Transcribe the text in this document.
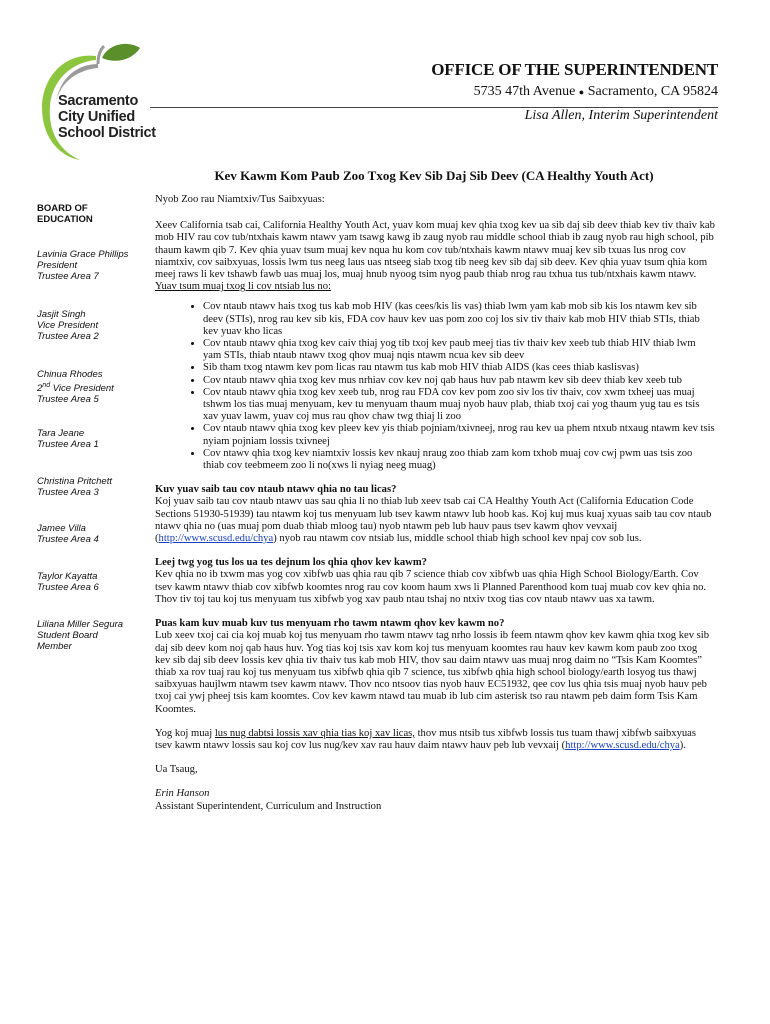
Sacramento
City Unified
School District
OFFICE OF THE SUPERINTENDENT
5735 47th Avenue ● Sacramento, CA 95824
Lisa Allen, Interim Superintendent
Kev Kawm Kom Paub Zoo Txog Kev Sib Daj Sib Deev (CA Healthy Youth Act)
BOARD OF
EDUCATION
Lavinia Grace Phillips
President
Trustee Area 7
Jasjit Singh
Vice President
Trustee Area 2
Chinua Rhodes
2nd Vice President
Trustee Area 5
Tara Jeane
Trustee Area 1
Christina Pritchett
Trustee Area 3
Jamee Villa
Trustee Area 4
Taylor Kayatta
Trustee Area 6
Liliana Miller Segura
Student Board
Member

Nyob Zoo rau Niamtxiv/Tus Saibxyuas:

Xeev California tsab cai, California Healthy Youth Act, yuav kom muaj kev qhia txog kev ua sib daj sib deev thiab kev tiv thaiv kab mob HIV rau cov tub/ntxhais kawm ntawv yam tsawg kawg ib zaug nyob rau middle school thiab ib zaug nyob rau high school, pib thaum kawm qib 7. Kev qhia yuav tsum muaj kev nqua hu kom cov tub/ntxhais kawm ntawv muaj kev sib txuas lus nrog cov niamtxiv, cov saibxyuas, lossis lwm tus neeg laus uas ntseeg siab txog tib neeg kev sib daj sib deev. Kev qhia yuav tsum qhia kom meej raws li kev tshawb fawb uas muaj los, muaj hnub nyoog tsim nyog paub thiab nrog rau txhua tus tub/ntxhais kawm ntawv. Yuav tsum muaj txog li cov ntsiab lus no:

• Cov ntaub ntawv hais txog tus kab mob HIV (kas cees/kis lis vas) thiab lwm yam kab mob sib kis los ntawm kev sib deev (STIs), nrog rau kev sib kis, FDA cov hauv kev uas pom zoo coj los siv tiv thaiv kab mob HIV thiab STIs, thiab kev yuav kho licas
• Cov ntaub ntawv qhia txog kev caiv thiaj yog tib txoj kev paub meej tias tiv thaiv kev xeeb tub thiab HIV thiab lwm yam STIs, thiab ntaub ntawv txog qhov muaj nqis ntawm ncua kev sib deev
• Sib tham txog ntawm kev pom licas rau ntawm tus kab mob HIV thiab AIDS (kas cees thiab kaslisvas)
• Cov ntaub ntawv qhia txog kev mus nrhiav cov kev noj qab haus huv pab ntawm kev sib deev thiab kev xeeb tub
• Cov ntaub ntawv qhia txog kev xeeb tub, nrog rau FDA cov kev pom zoo siv los tiv thaiv, cov xwm txheej uas muaj tshwm los tias muaj menyuam, kev tu menyuam thaum muaj nyob hauv plab, thiab txoj cai yog thaum yug tau es tsis xav yuav lawm, yuav coj mus rau qhov chaw twg thiaj li zoo
• Cov ntaub ntawv qhia txog kev pleev kev yis thiab pojniam/txivneej, nrog rau kev ua phem ntxub ntxaug ntawm kev tsis nyiam pojniam lossis txivneej
• Cov ntawv qhia txog kev niamtxiv lossis kev nkauj nraug zoo thiab zam kom txhob muaj cov cwj pwm uas tsis zoo thiab cov teebmeem zoo li no(xws li nyiag neeg muag)

Kuv yuav saib tau cov ntaub ntawv qhia no tau licas?

Koj yuav saib tau cov ntaub ntawv uas sau qhia li no thiab lub xeev tsab cai CA Healthy Youth Act (California Education Code Sections 51930-51939) tau ntawm koj tus menyuam lub tsev kawm ntawv lub hoob kas. Koj kuj mus kuaj xyuas saib tau cov ntaub ntawv qhia no (uas muaj pom duab thiab mloog tau) nyob ntawm peb lub hauv paus tsev kawm qhov vevxaij (http://www.scusd.edu/chya) nyob rau ntawm cov ntsiab lus, middle school thiab high school kev npaj cov sob lus.

Leej twg yog tus los ua tes dejnum los qhia qhov kev kawm?

Kev qhia no ib txwm mas yog cov xibfwb uas qhia rau qib 7 science thiab cov xibfwb uas qhia High School Biology/Earth. Cov tsev kawm ntawv thiab cov xibfwb koomtes nrog rau cov koom haum xws li Planned Parenthood kom tuaj muab cov kev qhia no. Thov tiv toj tau koj tus menyuam tus xibfwb yog xav paub ntau tshaj no ntxiv txog tias cov ntaub ntawv uas xa tawm.

Puas kam kuv muab kuv tus menyuam rho tawm ntawm qhov kev kawm no?

Lub xeev txoj cai cia koj muab koj tus menyuam rho tawm ntawv tag nrho lossis ib feem ntawm qhov kev kawm qhia txog kev sib daj sib deev kom noj qab haus huv. Yog tias koj tsis xav kom koj tus menyuam koomtes rau hauv kev kawm kom paub zoo txog kev sib daj sib deev lossis kev qhia tiv thaiv tus kab mob HIV, thov sau daim ntawv uas muaj nrog daim no “Tsis Kam Koomtes” thiab xa rov tuaj rau koj tus menyuam tus xibfwb qhia qib 7 science, tus xibfwb qhia high school biology/earth losyog tus thawj saibxyuas haujlwm ntawm tsev kawm ntawv. Thov nco ntsoov tias nyob hauv EC51932, qee cov lus qhia tsis muaj nyob hauv peb txoj cai ywj pheej tsis kam koomtes. Cov kev kawm ntawd tau muab ib lub cim asterisk tso rau ntawm peb daim form Tsis Kam Koomtes.

Yog koj muaj lus nug dabtsi lossis xav qhia tias koj xav licas, thov mus ntsib tus xibfwb lossis tus tuam thawj xibfwb saibxyuas tsev kawm ntawv lossis sau koj cov lus nug/kev xav rau hauv daim ntawv hauv peb lub vevxaij (http://www.scusd.edu/chya).

Ua Tsaug,

Erin Hanson

Assistant Superintendent, Curriculum and Instruction
